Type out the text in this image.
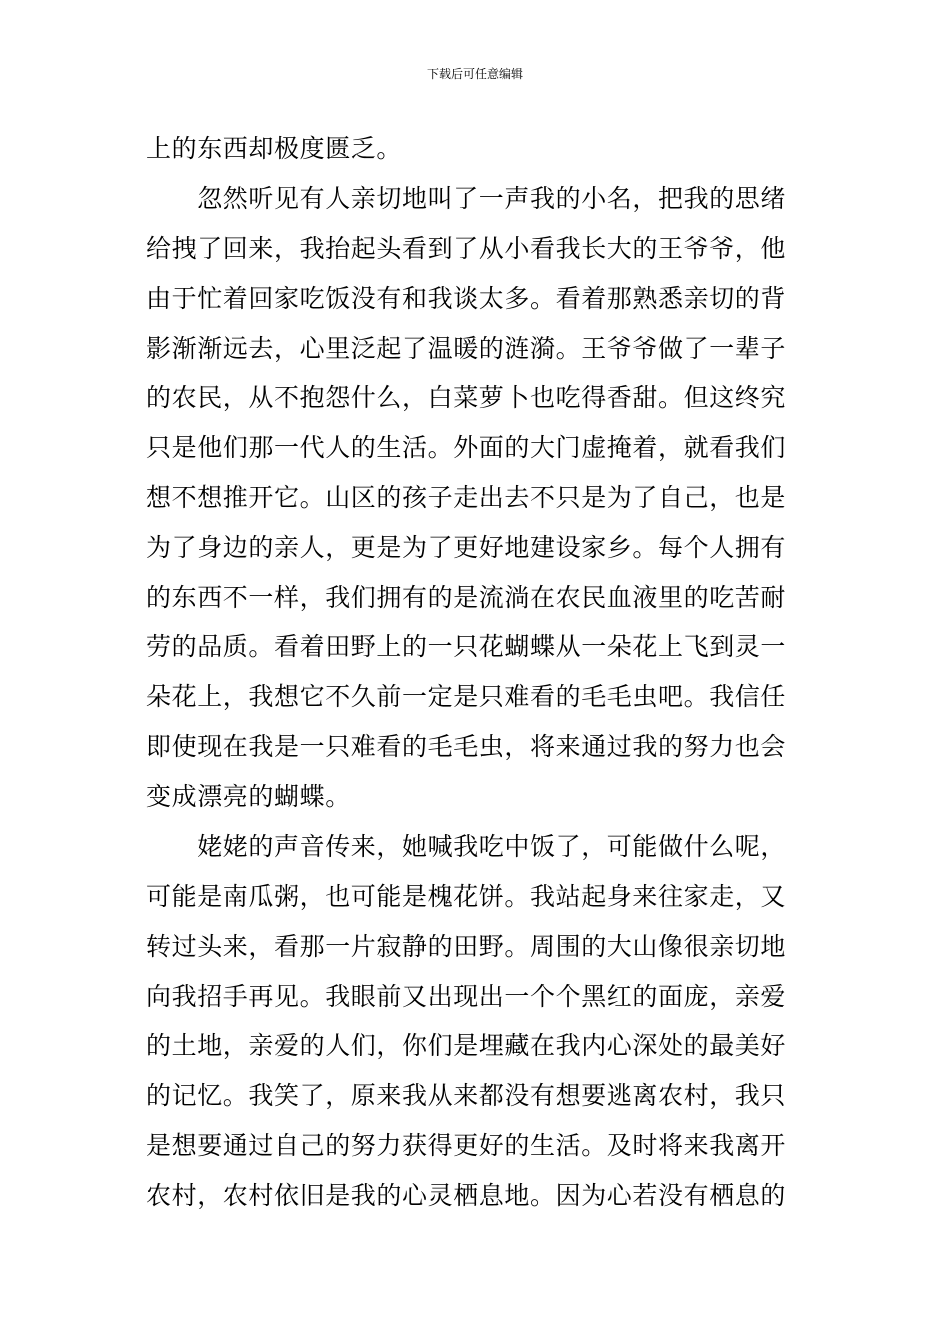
下载后可任意编辑
上的东西却极度匮乏。
　　忽然听见有人亲切地叫了一声我的小名，把我的思绪
给拽了回来，我抬起头看到了从小看我长大的王爷爷，他
由于忙着回家吃饭没有和我谈太多。看着那熟悉亲切的背
影渐渐远去，心里泛起了温暖的涟漪。王爷爷做了一辈子
的农民，从不抱怨什么，白菜萝卜也吃得香甜。但这终究
只是他们那一代人的生活。外面的大门虚掩着，就看我们
想不想推开它。山区的孩子走出去不只是为了自己，也是
为了身边的亲人，更是为了更好地建设家乡。每个人拥有
的东西不一样，我们拥有的是流淌在农民血液里的吃苦耐
劳的品质。看着田野上的一只花蝴蝶从一朵花上飞到灵一
朵花上，我想它不久前一定是只难看的毛毛虫吧。我信任
即使现在我是一只难看的毛毛虫，将来通过我的努力也会
变成漂亮的蝴蝶。
　　姥姥的声音传来，她喊我吃中饭了，可能做什么呢，
可能是南瓜粥，也可能是槐花饼。我站起身来往家走，又
转过头来，看那一片寂静的田野。周围的大山像很亲切地
向我招手再见。我眼前又出现出一个个黑红的面庞，亲爱
的土地，亲爱的人们，你们是埋藏在我内心深处的最美好
的记忆。我笑了，原来我从来都没有想要逃离农村，我只
是想要通过自己的努力获得更好的生活。及时将来我离开
农村，农村依旧是我的心灵栖息地。因为心若没有栖息的
